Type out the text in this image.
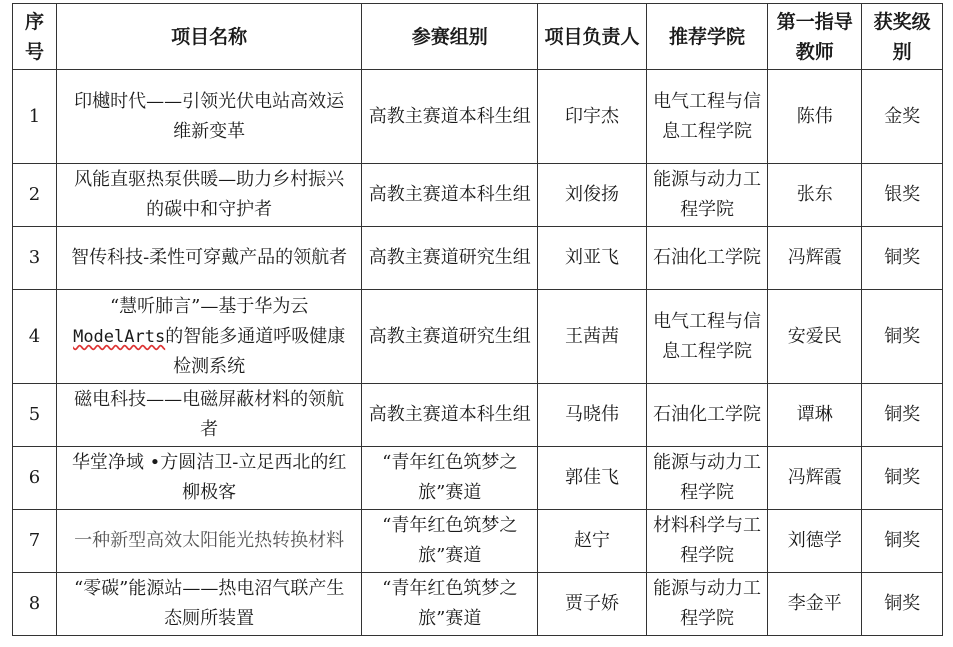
序号	项目名称	参赛组别	项目负责人	推荐学院	第一指导教师	获奖级别
1	印樾时代——引领光伏电站高效运维新变革	高教主赛道本科生组	印宇杰	电气工程与信息工程学院	陈伟	金奖
2	风能直驱热泵供暖—助力乡村振兴的碳中和守护者	高教主赛道本科生组	刘俊扬	能源与动力工程学院	张东	银奖
3	智传科技-柔性可穿戴产品的领航者	高教主赛道研究生组	刘亚飞	石油化工学院	冯辉霞	铜奖
4	“慧听肺言”—基于华为云ModelArts的智能多通道呼吸健康检测系统	高教主赛道研究生组	王茜茜	电气工程与信息工程学院	安爱民	铜奖
5	磁电科技——电磁屏蔽材料的领航者	高教主赛道本科生组	马晓伟	石油化工学院	谭琳	铜奖
6	华堂净域 •方圆洁卫-立足西北的红柳极客	“青年红色筑梦之旅”赛道	郭佳飞	能源与动力工程学院	冯辉霞	铜奖
7	一种新型高效太阳能光热转换材料	“青年红色筑梦之旅”赛道	赵宁	材料科学与工程学院	刘德学	铜奖
8	“零碳”能源站——热电沼气联产生态厕所装置	“青年红色筑梦之旅”赛道	贾子娇	能源与动力工程学院	李金平	铜奖
